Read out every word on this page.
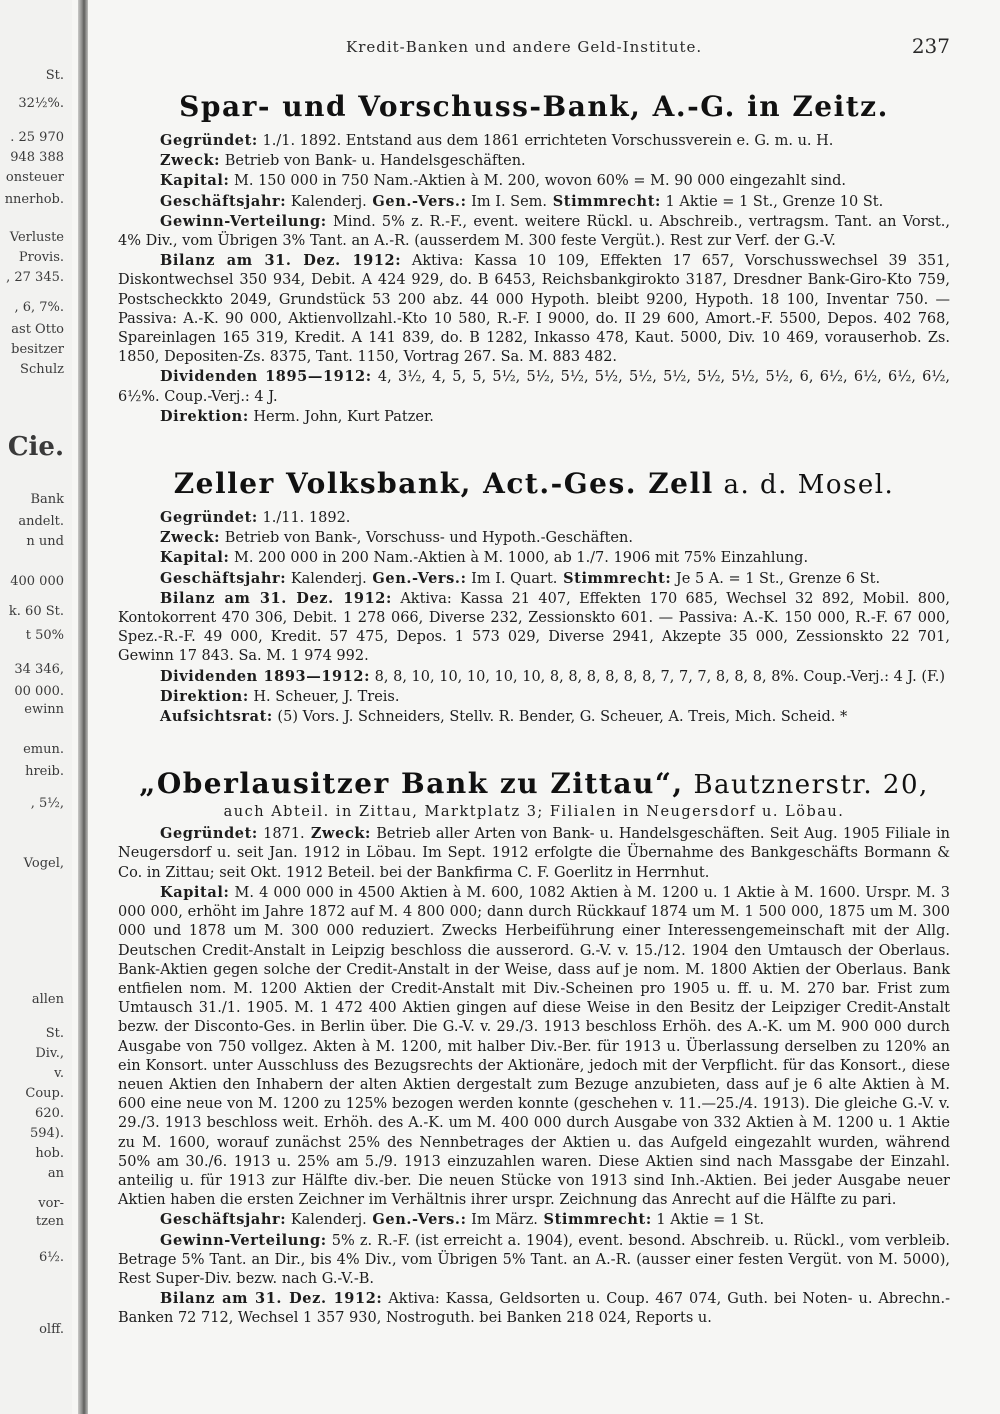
St.
32½%.
. 25 970
948 388
onsteuer
nnerhob.
Verluste
Provis.
, 27 345.
, 6, 7%.
ast Otto
besitzer
Schulz
Cie.
Bank
andelt.
n und
400 000
k. 60 St.
t 50%
34 346,
00 000.
ewinn
emun.
hreib.
, 5½,
Vogel,
allen
St.
Div.,
v.
Coup.
620.
594).
hob.
an
vor-
tzen
6½.
olff.
Kredit-Banken und andere Geld-Institute.	237
Spar- und Vorschuss-Bank, A.-G. in Zeitz.

Gegründet: 1./1. 1892. Entstand aus dem 1861 errichteten Vorschussverein e. G. m. u. H.

Zweck: Betrieb von Bank- u. Handelsgeschäften.

Kapital: M. 150 000 in 750 Nam.-Aktien à M. 200, wovon 60% = M. 90 000 eingezahlt sind.

Geschäftsjahr: Kalenderj. Gen.-Vers.: Im I. Sem. Stimmrecht: 1 Aktie = 1 St., Grenze 10 St.

Gewinn-Verteilung: Mind. 5% z. R.-F., event. weitere Rückl. u. Abschreib., vertragsm. Tant. an Vorst., 4% Div., vom Übrigen 3% Tant. an A.-R. (ausserdem M. 300 feste Vergüt.). Rest zur Verf. der G.-V.

Bilanz am 31. Dez. 1912: Aktiva: Kassa 10 109, Effekten 17 657, Vorschusswechsel 39 351, Diskontwechsel 350 934, Debit. A 424 929, do. B 6453, Reichsbankgirokto 3187, Dresdner Bank-Giro-Kto 759, Postscheckkto 2049, Grundstück 53 200 abz. 44 000 Hypoth. bleibt 9200, Hypoth. 18 100, Inventar 750. — Passiva: A.-K. 90 000, Aktienvollzahl.-Kto 10 580, R.-F. I 9000, do. II 29 600, Amort.-F. 5500, Depos. 402 768, Spareinlagen 165 319, Kredit. A 141 839, do. B 1282, Inkasso 478, Kaut. 5000, Div. 10 469, vorauserhob. Zs. 1850, Depositen-Zs. 8375, Tant. 1150, Vortrag 267. Sa. M. 883 482.

Dividenden 1895—1912: 4, 3½, 4, 5, 5, 5½, 5½, 5½, 5½, 5½, 5½, 5½, 5½, 5½, 6, 6½, 6½, 6½, 6½, 6½%. Coup.-Verj.: 4 J.

Direktion: Herm. John, Kurt Patzer.

Zeller Volksbank, Act.-Ges. Zell a. d. Mosel.

Gegründet: 1./11. 1892.

Zweck: Betrieb von Bank-, Vorschuss- und Hypoth.-Geschäften.

Kapital: M. 200 000 in 200 Nam.-Aktien à M. 1000, ab 1./7. 1906 mit 75% Einzahlung.

Geschäftsjahr: Kalenderj. Gen.-Vers.: Im I. Quart. Stimmrecht: Je 5 A. = 1 St., Grenze 6 St.

Bilanz am 31. Dez. 1912: Aktiva: Kassa 21 407, Effekten 170 685, Wechsel 32 892, Mobil. 800, Kontokorrent 470 306, Debit. 1 278 066, Diverse 232, Zessionskto 601. — Passiva: A.-K. 150 000, R.-F. 67 000, Spez.-R.-F. 49 000, Kredit. 57 475, Depos. 1 573 029, Diverse 2941, Akzepte 35 000, Zessionskto 22 701, Gewinn 17 843. Sa. M. 1 974 992.

Dividenden 1893—1912: 8, 8, 10, 10, 10, 10, 10, 8, 8, 8, 8, 8, 8, 7, 7, 7, 8, 8, 8, 8%. Coup.-Verj.: 4 J. (F.)

Direktion: H. Scheuer, J. Treis.

Aufsichtsrat: (5) Vors. J. Schneiders, Stellv. R. Bender, G. Scheuer, A. Treis, Mich. Scheid. *

„Oberlausitzer Bank zu Zittau“, Bautznerstr. 20,
auch Abteil. in Zittau, Marktplatz 3; Filialen in Neugersdorf u. Löbau.

Gegründet: 1871. Zweck: Betrieb aller Arten von Bank- u. Handelsgeschäften. Seit Aug. 1905 Filiale in Neugersdorf u. seit Jan. 1912 in Löbau. Im Sept. 1912 erfolgte die Übernahme des Bankgeschäfts Bormann & Co. in Zittau; seit Okt. 1912 Beteil. bei der Bankfirma C. F. Goerlitz in Herrnhut.

Kapital: M. 4 000 000 in 4500 Aktien à M. 600, 1082 Aktien à M. 1200 u. 1 Aktie à M. 1600. Urspr. M. 3 000 000, erhöht im Jahre 1872 auf M. 4 800 000; dann durch Rückkauf 1874 um M. 1 500 000, 1875 um M. 300 000 und 1878 um M. 300 000 reduziert. Zwecks Herbeiführung einer Interessengemeinschaft mit der Allg. Deutschen Credit-Anstalt in Leipzig beschloss die ausserord. G.-V. v. 15./12. 1904 den Umtausch der Oberlaus. Bank-Aktien gegen solche der Credit-Anstalt in der Weise, dass auf je nom. M. 1800 Aktien der Oberlaus. Bank entfielen nom. M. 1200 Aktien der Credit-Anstalt mit Div.-Scheinen pro 1905 u. ff. u. M. 270 bar. Frist zum Umtausch 31./1. 1905. M. 1 472 400 Aktien gingen auf diese Weise in den Besitz der Leipziger Credit-Anstalt bezw. der Disconto-Ges. in Berlin über. Die G.-V. v. 29./3. 1913 beschloss Erhöh. des A.-K. um M. 900 000 durch Ausgabe von 750 vollgez. Akten à M. 1200, mit halber Div.-Ber. für 1913 u. Überlassung derselben zu 120% an ein Konsort. unter Ausschluss des Bezugsrechts der Aktionäre, jedoch mit der Verpflicht. für das Konsort., diese neuen Aktien den Inhabern der alten Aktien dergestalt zum Bezuge anzubieten, dass auf je 6 alte Aktien à M. 600 eine neue von M. 1200 zu 125% bezogen werden konnte (geschehen v. 11.—25./4. 1913). Die gleiche G.-V. v. 29./3. 1913 beschloss weit. Erhöh. des A.-K. um M. 400 000 durch Ausgabe von 332 Aktien à M. 1200 u. 1 Aktie zu M. 1600, worauf zunächst 25% des Nennbetrages der Aktien u. das Aufgeld eingezahlt wurden, während 50% am 30./6. 1913 u. 25% am 5./9. 1913 einzuzahlen waren. Diese Aktien sind nach Massgabe der Einzahl. anteilig u. für 1913 zur Hälfte div.-ber. Die neuen Stücke von 1913 sind Inh.-Aktien. Bei jeder Ausgabe neuer Aktien haben die ersten Zeichner im Verhältnis ihrer urspr. Zeichnung das Anrecht auf die Hälfte zu pari.

Geschäftsjahr: Kalenderj. Gen.-Vers.: Im März. Stimmrecht: 1 Aktie = 1 St.

Gewinn-Verteilung: 5% z. R.-F. (ist erreicht a. 1904), event. besond. Abschreib. u. Rückl., vom verbleib. Betrage 5% Tant. an Dir., bis 4% Div., vom Übrigen 5% Tant. an A.-R. (ausser einer festen Vergüt. von M. 5000), Rest Super-Div. bezw. nach G.-V.-B.

Bilanz am 31. Dez. 1912: Aktiva: Kassa, Geldsorten u. Coup. 467 074, Guth. bei Noten- u. Abrechn.-Banken 72 712, Wechsel 1 357 930, Nostroguth. bei Banken 218 024, Reports u.
